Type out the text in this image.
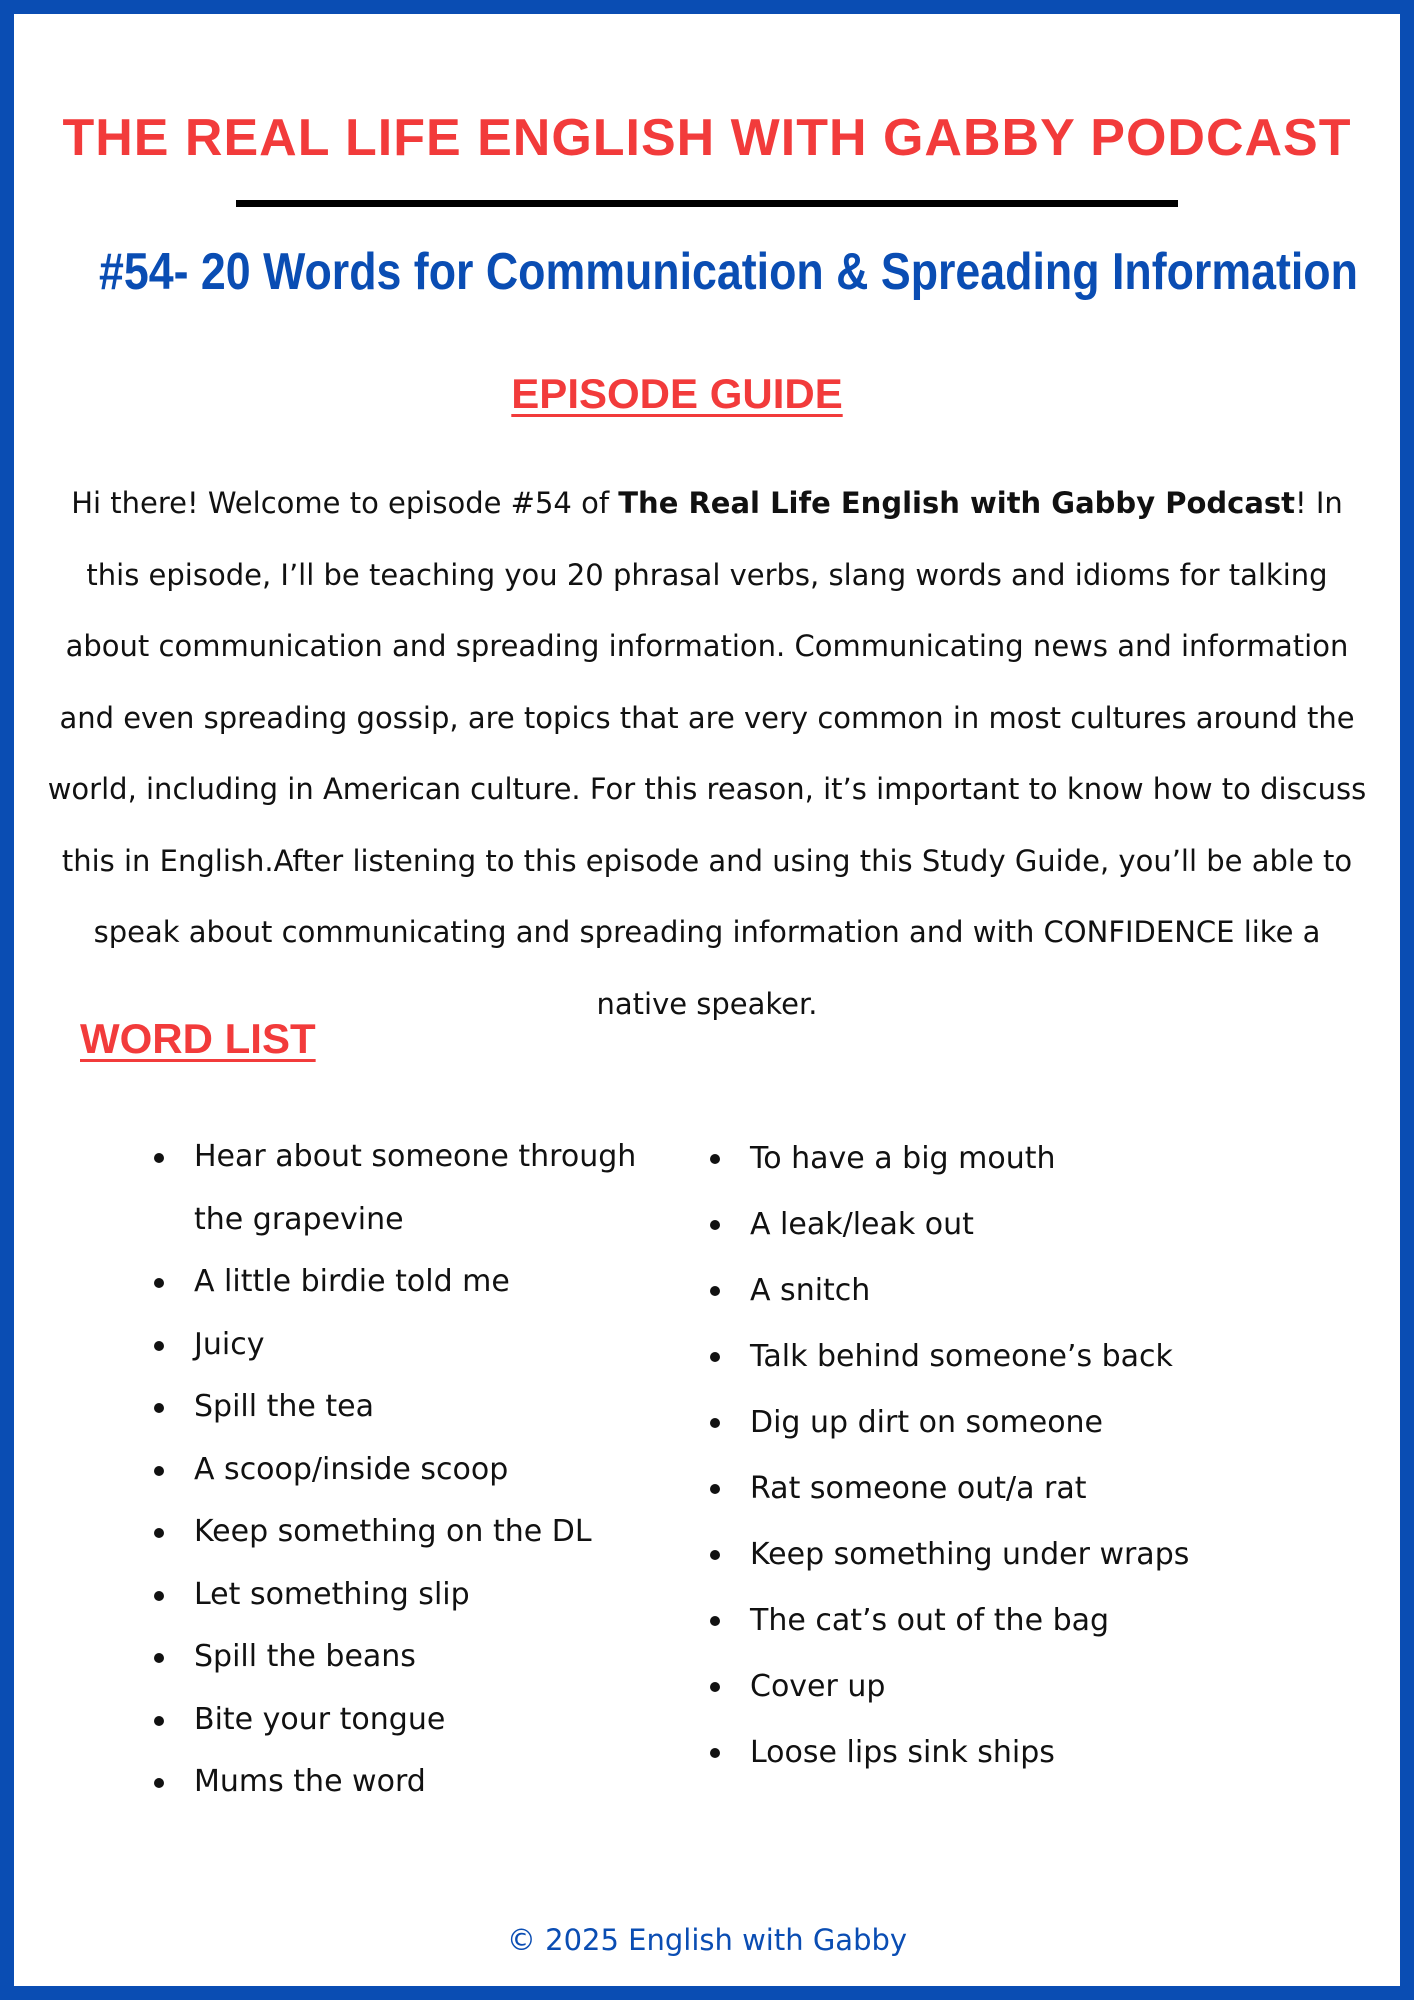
THE REAL LIFE ENGLISH WITH GABBY PODCAST
#54- 20 Words for Communication & Spreading Information
EPISODE GUIDE

Hi there! Welcome to episode #54 of The Real Life English with Gabby Podcast! In this episode, I’ll be teaching you 20 phrasal verbs, slang words and idioms for talking about communication and spreading information. Communicating news and information and even spreading gossip, are topics that are very common in most cultures around the world, including in American culture. For this reason, it’s important to know how to discuss this in English.After listening to this episode and using this Study Guide, you’ll be able to speak about communicating and spreading information and with CONFIDENCE like a native speaker.

WORD LIST
Hear about someone through the grapevine
A little birdie told me
Juicy
Spill the tea
A scoop/inside scoop
Keep something on the DL
Let something slip
Spill the beans
Bite your tongue
Mums the word
To have a big mouth
A leak/leak out
A snitch
Talk behind someone’s back
Dig up dirt on someone
Rat someone out/a rat
Keep something under wraps
The cat’s out of the bag
Cover up
Loose lips sink ships
© 2025 English with Gabby
